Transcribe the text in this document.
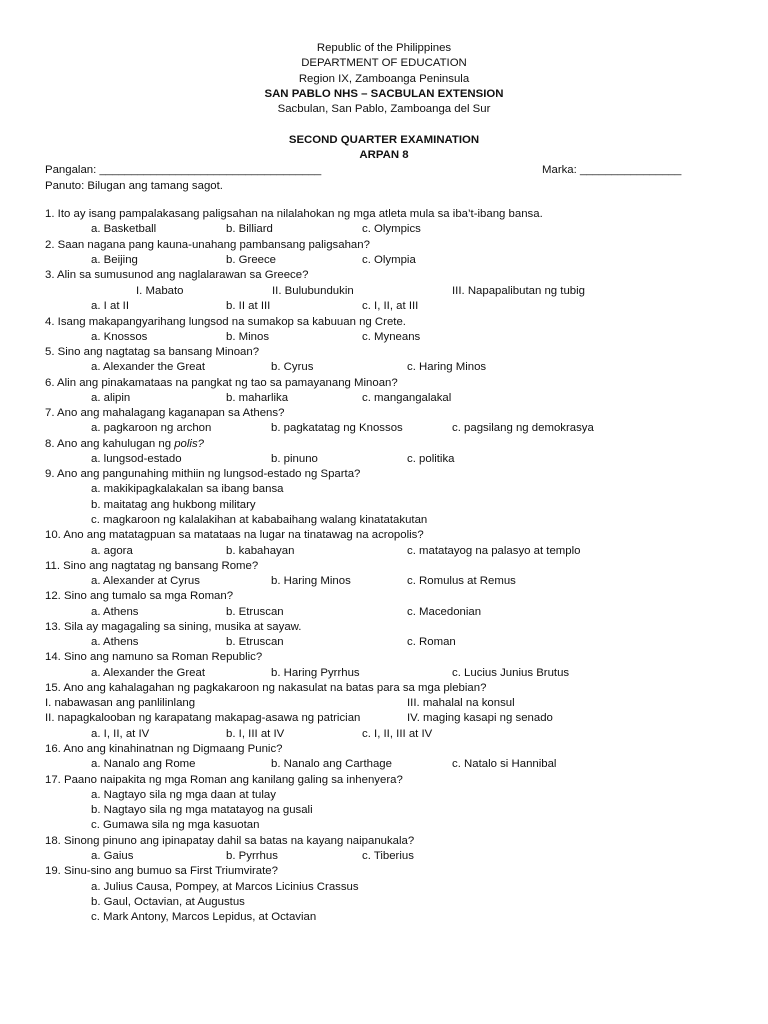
Republic of the Philippines
DEPARTMENT OF EDUCATION
Region IX, Zamboanga Peninsula
SAN PABLO NHS – SACBULAN EXTENSION
Sacbulan, San Pablo, Zamboanga del Sur
SECOND QUARTER EXAMINATION
ARPAN 8
Pangalan: ___________________________________	Marka: ________________
Panuto: Bilugan ang tamang sagot.
1. Ito ay isang pampalakasang paligsahan na nilalahokan ng mga atleta mula sa iba’t-ibang bansa.
a. Basketball	b. Billiard	c. Olympics
2. Saan nagana pang kauna-unahang pambansang paligsahan?
a. Beijing	b. Greece	c. Olympia
3. Alin sa sumusunod ang naglalarawan sa Greece?
I. Mabato	II. Bulubundukin	III. Napapalibutan ng tubig
a. I at II	b. II at III	c. I, II, at III
4. Isang makapangyarihang lungsod na sumakop sa kabuuan ng Crete.
a. Knossos	b. Minos	c. Myneans
5. Sino ang nagtatag sa bansang Minoan?
a. Alexander the Great	b. Cyrus	c. Haring Minos
6. Alin ang pinakamataas na pangkat ng tao sa pamayanang Minoan?
a. alipin	b. maharlika	c. mangangalakal
7. Ano ang mahalagang kaganapan sa Athens?
a. pagkaroon ng archon	b. pagkatatag ng Knossos	c. pagsilang ng demokrasya
8. Ano ang kahulugan ng polis?
a. lungsod-estado	b. pinuno	c. politika
9. Ano ang pangunahing mithiin ng lungsod-estado ng Sparta?
a. makikipagkalakalan sa ibang bansa
b. maitatag ang hukbong military
c. magkaroon ng kalalakihan at kababaihang walang kinatatakutan
10. Ano ang matatagpuan sa matataas na lugar na tinatawag na acropolis?
a. agora	b. kabahayan	c. matatayog na palasyo at templo
11. Sino ang nagtatag ng bansang Rome?
a. Alexander at Cyrus	b. Haring Minos	c. Romulus at Remus
12. Sino ang tumalo sa mga Roman?
a. Athens	b. Etruscan	c. Macedonian
13. Sila ay magagaling sa sining, musika at sayaw.
a. Athens	b. Etruscan	c. Roman
14. Sino ang namuno sa Roman Republic?
a. Alexander the Great	b. Haring Pyrrhus	c. Lucius Junius Brutus
15. Ano ang kahalagahan ng pagkakaroon ng nakasulat na batas para sa mga plebian?
I. nabawasan ang panlilinlang	III. mahalal na konsul
II. napagkalooban ng karapatang makapag-asawa ng patrician	IV. maging kasapi ng senado
a. I, II, at IV	b. I, III at IV	c. I, II, III at IV
16. Ano ang kinahinatnan ng Digmaang Punic?
a. Nanalo ang Rome	b. Nanalo ang Carthage	c. Natalo si Hannibal
17. Paano naipakita ng mga Roman ang kanilang galing sa inhenyera?
a. Nagtayo sila ng mga daan at tulay
b. Nagtayo sila ng mga matatayog na gusali
c. Gumawa sila ng mga kasuotan
18. Sinong pinuno ang ipinapatay dahil sa batas na kayang naipanukala?
a. Gaius	b. Pyrrhus	c. Tiberius
19. Sinu-sino ang bumuo sa First Triumvirate?
a. Julius Causa, Pompey, at Marcos Licinius Crassus
b. Gaul, Octavian, at Augustus
c. Mark Antony, Marcos Lepidus, at Octavian
